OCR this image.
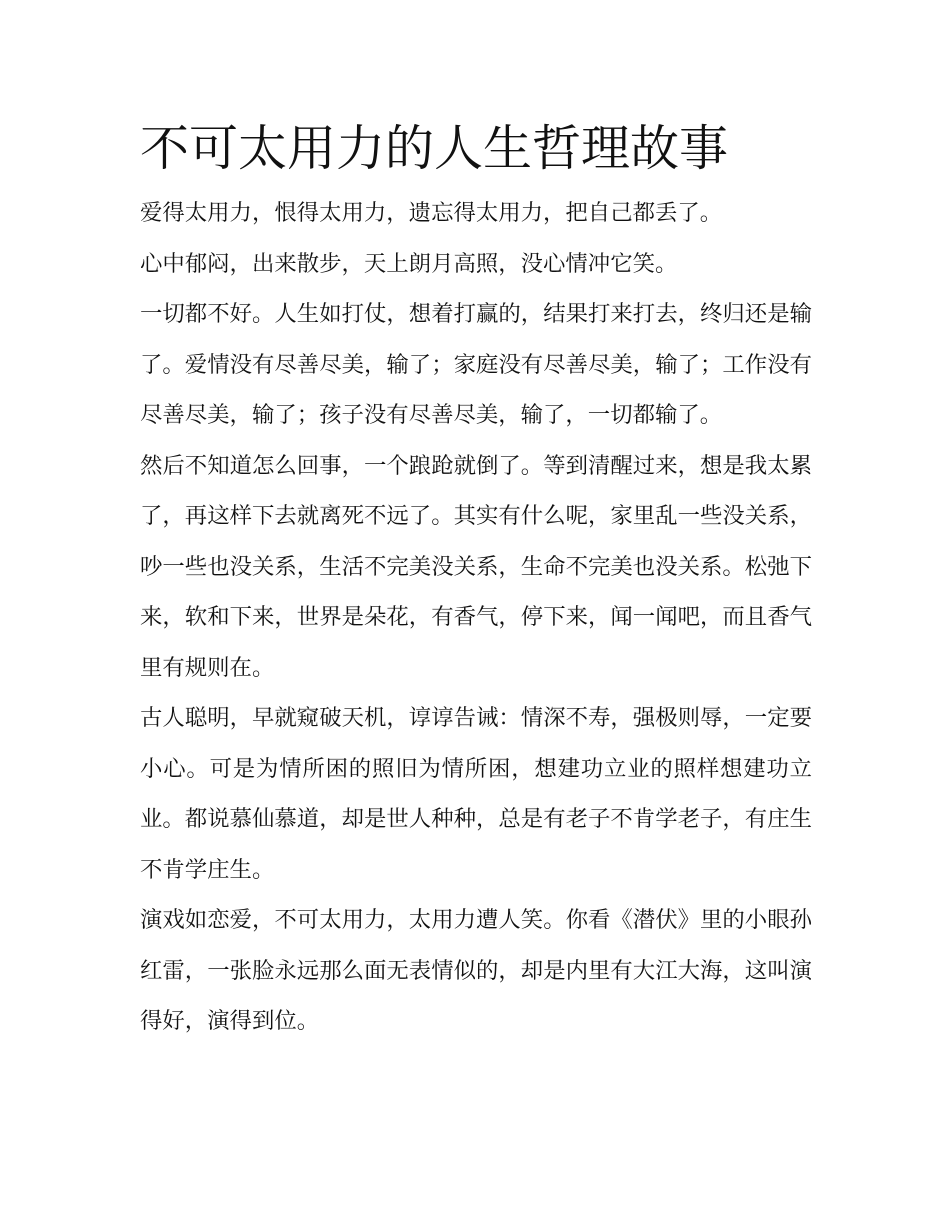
不可太用力的人生哲理故事

爱得太用力，恨得太用力，遗忘得太用力，把自己都丢了。

心中郁闷，出来散步，天上朗月高照，没心情冲它笑。

一切都不好。人生如打仗，想着打赢的，结果打来打去，终归还是输了。爱情没有尽善尽美，输了；家庭没有尽善尽美，输了；工作没有尽善尽美，输了；孩子没有尽善尽美，输了，一切都输了。

然后不知道怎么回事，一个踉跄就倒了。等到清醒过来，想是我太累了，再这样下去就离死不远了。其实有什么呢，家里乱一些没关系，吵一些也没关系，生活不完美没关系，生命不完美也没关系。松弛下来，软和下来，世界是朵花，有香气，停下来，闻一闻吧，而且香气里有规则在。

古人聪明，早就窥破天机，谆谆告诫：情深不寿，强极则辱，一定要小心。可是为情所困的照旧为情所困，想建功立业的照样想建功立业。都说慕仙慕道，却是世人种种，总是有老子不肯学老子，有庄生不肯学庄生。

演戏如恋爱，不可太用力，太用力遭人笑。你看《潜伏》里的小眼孙红雷，一张脸永远那么面无表情似的，却是内里有大江大海，这叫演得好，演得到位。
